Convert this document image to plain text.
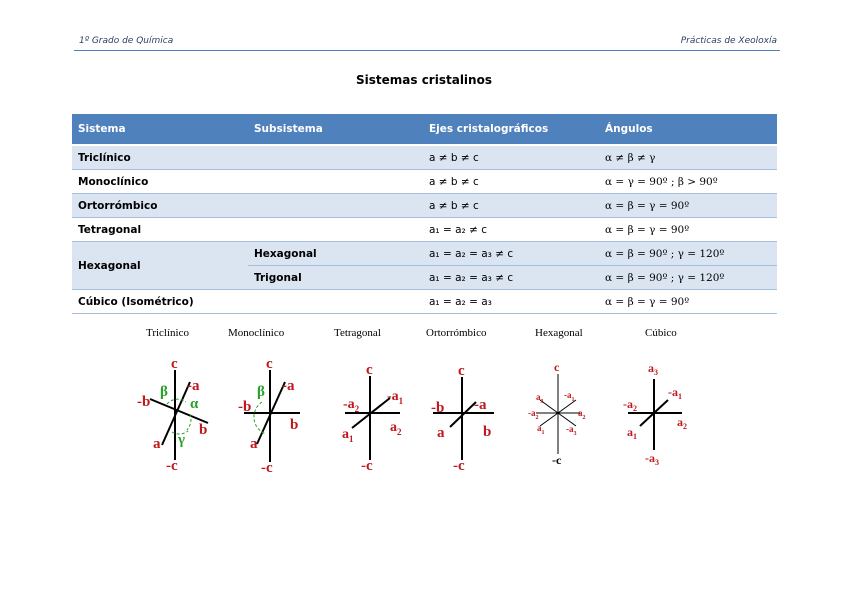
1º Grado de Química	Prácticas de Xeoloxía
Sistemas cristalinos
Sistema	Subsistema	Ejes cristalográficos	Ángulos
Triclínico		a ≠ b ≠ c	α ≠ β ≠ γ
Monoclínico		a ≠ b ≠ c	α = γ = 90º ; β > 90º
Ortorrómbico		a ≠ b ≠ c	α = β = γ = 90º
Tetragonal		a₁ = a₂ ≠ c	α = β = γ = 90º
Hexagonal	Hexagonal	a₁ = a₂ = a₃ ≠ c	α = β = 90º ; γ = 120º
	Trigonal	a₁ = a₂ = a₃ ≠ c	α = β = 90º ; γ = 120º
Cúbico (Isométrico)		a₁ = a₂ = a₃	α = β = γ = 90º
Triclínico	Monoclínico	Tetragonal	Ortorrómbico	Hexagonal	Cúbico
c
-c
-a
a
-b
b
β
α
γ
c
-c
-a
a
-b
b
β
c
-c
$-a_1$
$a_1$
$-a_2$
$a_2$
c
-c
-a
a
-b
b
c
-c
$a_3$
$-a_1$
$-a_2$	$a_2$
$a_1$ $-a_3$
$a_3$
$-a_3$
$-a_1$
$-a_2$
$a_1$
$a_2$
